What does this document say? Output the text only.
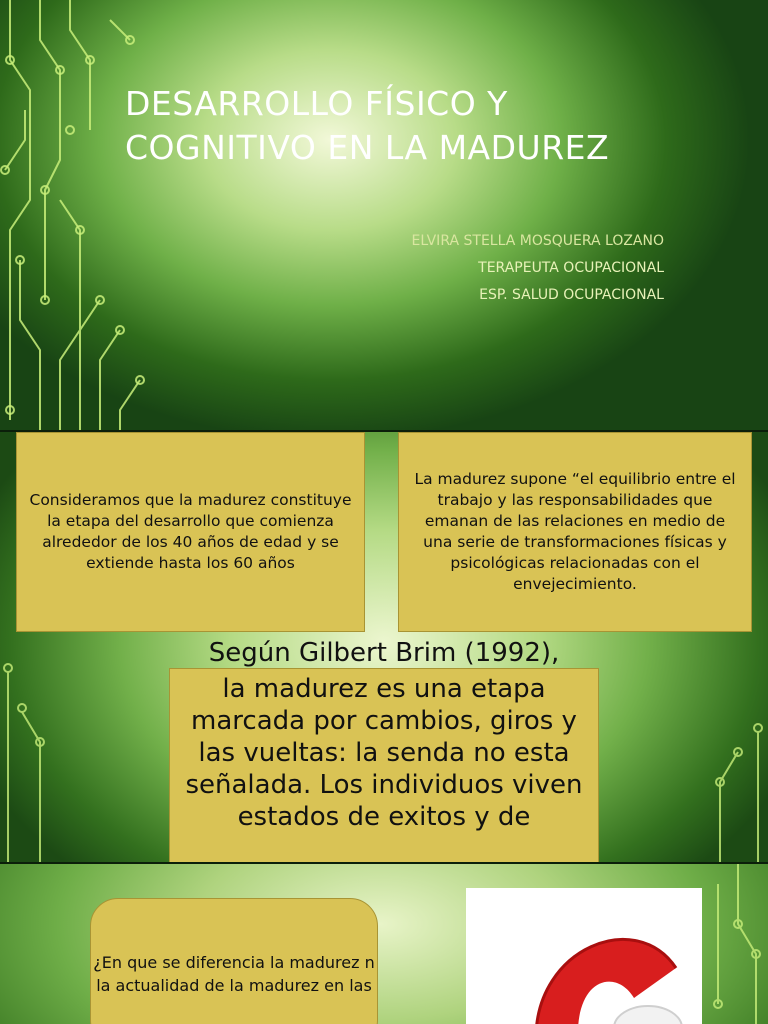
DESARROLLO FÍSICO Y COGNITIVO EN LA MADUREZ

ELVIRA STELLA MOSQUERA LOZANO

TERAPEUTA OCUPACIONAL

ESP. SALUD OCUPACIONAL

Consideramos que la madurez constituye la etapa del desarrollo que comienza alrededor de los 40 años de edad y se extiende hasta los 60 años
La madurez supone “el equilibrio entre el trabajo y las responsabilidades que emanan de las relaciones en medio de una serie de transformaciones físicas y psicológicas relacionadas con el envejecimiento.

Según Gilbert Brim (1992),

la madurez es una etapa marcada por cambios, giros y las vueltas: la senda no esta señalada. Los individuos viven estados de exitos y de
¿En que se diferencia la madurez n la actualidad de la madurez en las
